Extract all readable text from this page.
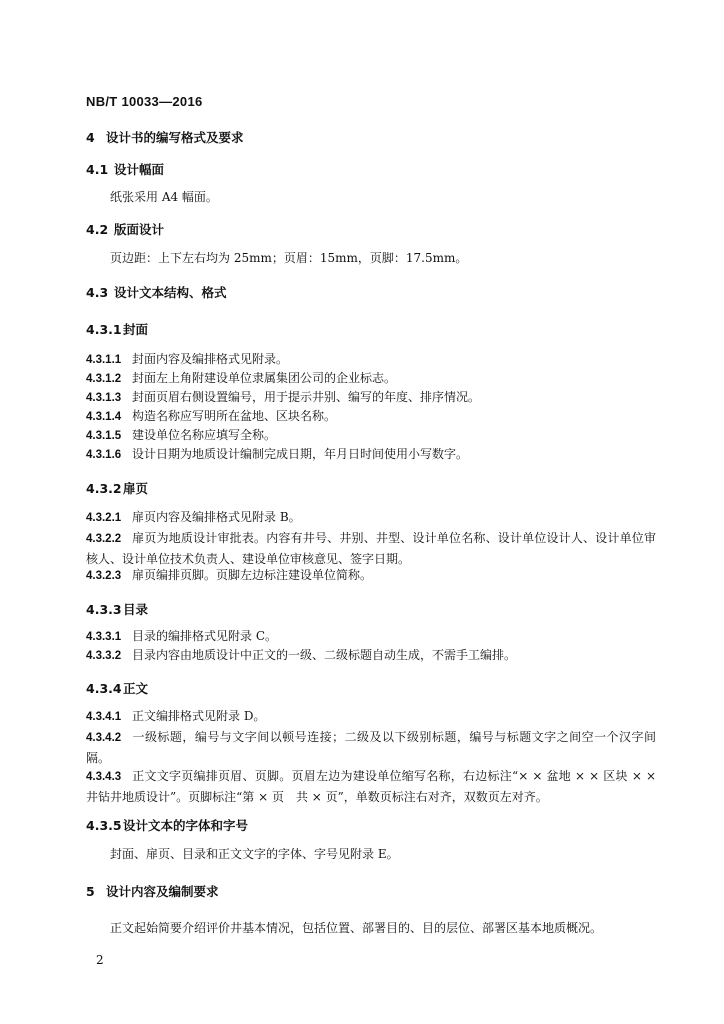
NB/T 10033—2016
4 设计书的编写格式及要求
4.1 设计幅面
纸张采用 A4 幅面。
4.2 版面设计
页边距：上下左右均为 25mm；页眉：15mm，页脚：17.5mm。
4.3 设计文本结构、格式
4.3.1封面
4.3.1.1 封面内容及编排格式见附录。
4.3.1.2 封面左上角附建设单位隶属集团公司的企业标志。
4.3.1.3 封面页眉右侧设置编号，用于提示井别、编写的年度、排序情况。
4.3.1.4 构造名称应写明所在盆地、区块名称。
4.3.1.5 建设单位名称应填写全称。
4.3.1.6 设计日期为地质设计编制完成日期，年月日时间使用小写数字。
4.3.2扉页
4.3.2.1 扉页内容及编排格式见附录 B。
4.3.2.2 扉页为地质设计审批表。内容有井号、井别、井型、设计单位名称、设计单位设计人、设计单位审核人、设计单位技术负责人、建设单位审核意见、签字日期。
4.3.2.3 扉页编排页脚。页脚左边标注建设单位简称。
4.3.3目录
4.3.3.1 目录的编排格式见附录 C。
4.3.3.2 目录内容由地质设计中正文的一级、二级标题自动生成，不需手工编排。
4.3.4正文
4.3.4.1 正文编排格式见附录 D。
4.3.4.2 一级标题，编号与文字间以顿号连接；二级及以下级别标题，编号与标题文字之间空一个汉字间隔。
4.3.4.3 正文文字页编排页眉、页脚。页眉左边为建设单位缩写名称，右边标注“× × 盆地 × × 区块 × × 井钻井地质设计”。页脚标注“第 × 页　共 × 页”，单数页标注右对齐，双数页左对齐。
4.3.5设计文本的字体和字号
封面、扉页、目录和正文文字的字体、字号见附录 E。
5 设计内容及编制要求
正文起始简要介绍评价井基本情况，包括位置、部署目的、目的层位、部署区基本地质概况。
2
